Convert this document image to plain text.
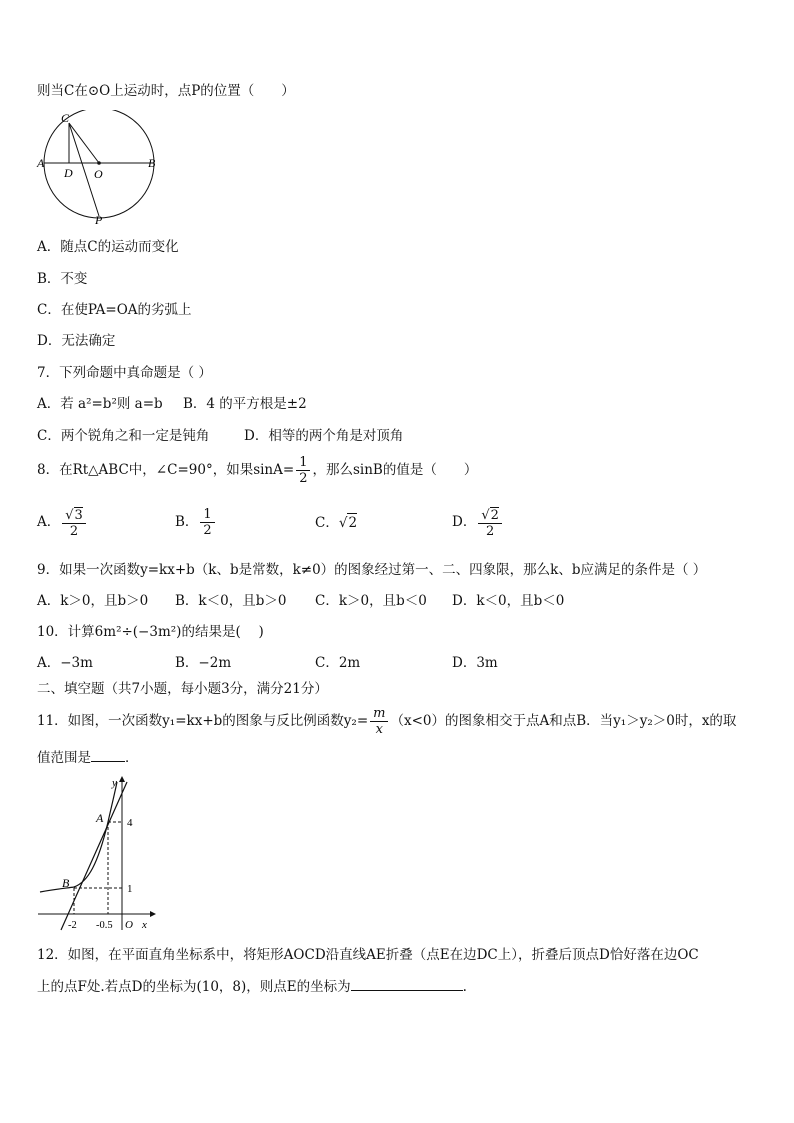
则当C在⊙O上运动时，点P的位置（　　）
C
A	B
D O
P
A．随点C的运动而变化
B．不变
C．在使PA=OA的劣弧上
D．无法确定
7．下列命题中真命题是（ ）
A．若 a²=b²则 a=b B．4 的平方根是±2
C．两个锐角之和一定是钝角	D．相等的两个角是对顶角
8．在Rt△ABC中，∠C=90°，如果$\sin A= \frac{1}{2}$ ，那么sinB的值是（　　）
A． $\frac{√3}{2}$	B． $\frac{1}{2}$	C．√2	D． $\frac{√2}{2}$
9．如果一次函数y=kx+b（k、b是常数，k≠0）的图象经过第一、二、四象限，那么k、b应满足的条件是（ ）
A．k＞0，且b＞0 B．k＜0，且b＞0 C．k＞0，且b＜0 D．k＜0，且b＜0
10．计算6m²÷(−3m²)的结果是(　 )
A．−3m	B．−2m	C．2m	D．3m
二、填空题（共7小题，每小题3分，满分21分）
11．如图，一次函数y₁=kx+b的图象与反比例函数$y_2= \frac{m}{x} (x<0)$的图象相交于点A和点B．当y₁＞y₂＞0时，x的取
值范围是	．
y
x
A
B
O
4
1
-2 -0.5
12．如图，在平面直角坐标系中，将矩形AOCD沿直线AE折叠（点E在边DC上），折叠后顶点D恰好落在边OC
上的点F处.若点D的坐标为(10，8)，则点E的坐标为	.
